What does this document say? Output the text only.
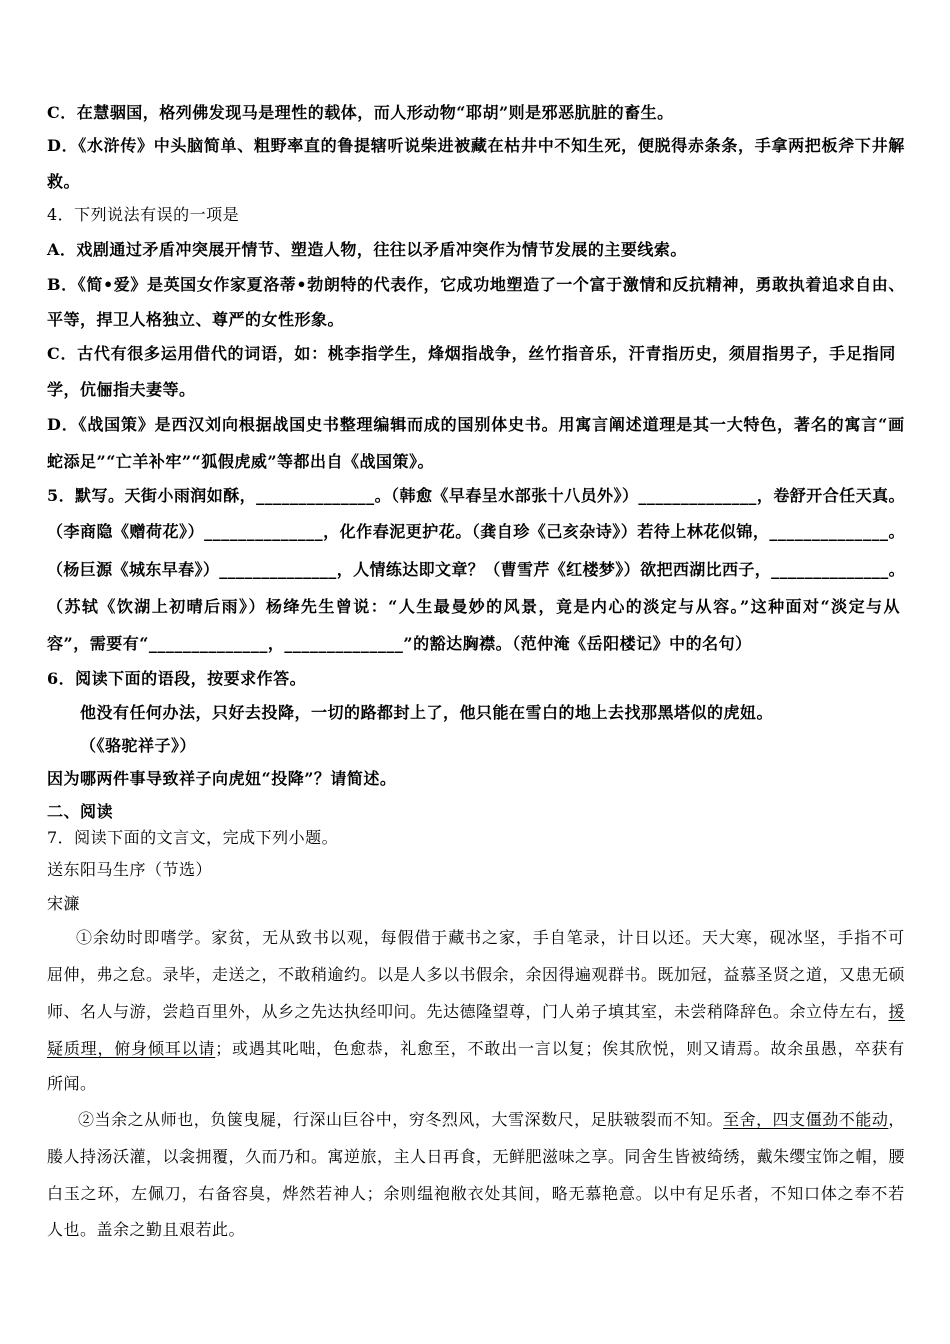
C．在慧骃国，格列佛发现马是理性的载体，而人形动物“耶胡”则是邪恶肮脏的畜生。
D．《水浒传》中头脑简单、粗野率直的鲁提辖听说柴进被藏在枯井中不知生死，便脱得赤条条，手拿两把板斧下井解
救。
4．下列说法有误的一项是
A．戏剧通过矛盾冲突展开情节、塑造人物，往往以矛盾冲突作为情节发展的主要线索。
B．《简•爱》是英国女作家夏洛蒂•勃朗特的代表作，它成功地塑造了一个富于激情和反抗精神，勇敢执着追求自由、
平等，捍卫人格独立、尊严的女性形象。
C．古代有很多运用借代的词语，如：桃李指学生，烽烟指战争，丝竹指音乐，汗青指历史，须眉指男子，手足指同
学，伉俪指夫妻等。
D．《战国策》是西汉刘向根据战国史书整理编辑而成的国别体史书。用寓言阐述道理是其一大特色，著名的寓言“画
蛇添足”“亡羊补牢”“狐假虎威”等都出自《战国策》。
5．默写。天街小雨润如酥，______________。（韩愈《早春呈水部张十八员外》）______________，卷舒开合任天真。
（李商隐《赠荷花》）______________，化作春泥更护花。（龚自珍《己亥杂诗》）若待上林花似锦，______________。
（杨巨源《城东早春》）______________，人情练达即文章？（曹雪芹《红楼梦》）欲把西湖比西子，______________。
（苏轼《饮湖上初晴后雨》）杨绛先生曾说：“人生最曼妙的风景，竟是内心的淡定与从容。”这种面对“淡定与从
容”，需要有“______________，______________”的豁达胸襟。（范仲淹《岳阳楼记》中的名句）
6．阅读下面的语段，按要求作答。
他没有任何办法，只好去投降，一切的路都封上了，他只能在雪白的地上去找那黑塔似的虎妞。
（《骆驼祥子》）
因为哪两件事导致祥子向虎妞“投降”？请简述。
二、阅读
7．阅读下面的文言文，完成下列小题。
送东阳马生序（节选）
宋濂
①余幼时即嗜学。家贫，无从致书以观，每假借于藏书之家，手自笔录，计日以还。天大寒，砚冰坚，手指不可
屈伸，弗之怠。录毕，走送之，不敢稍逾约。以是人多以书假余，余因得遍观群书。既加冠，益慕圣贤之道，又患无硕
师、名人与游，尝趋百里外，从乡之先达执经叩问。先达德隆望尊，门人弟子填其室，未尝稍降辞色。余立侍左右，援
疑质理，俯身倾耳以请；或遇其叱咄，色愈恭，礼愈至，不敢出一言以复；俟其欣悦，则又请焉。故余虽愚，卒获有
所闻。
②当余之从师也，负箧曳屣，行深山巨谷中，穷冬烈风，大雪深数尺，足肤皲裂而不知。至舍，四支僵劲不能动，
媵人持汤沃灌，以衾拥覆，久而乃和。寓逆旅，主人日再食，无鲜肥滋味之享。同舍生皆被绮绣，戴朱缨宝饰之帽，腰
白玉之环，左佩刀，右备容臭，烨然若神人；余则缊袍敝衣处其间，略无慕艳意。以中有足乐者，不知口体之奉不若
人也。盖余之勤且艰若此。
